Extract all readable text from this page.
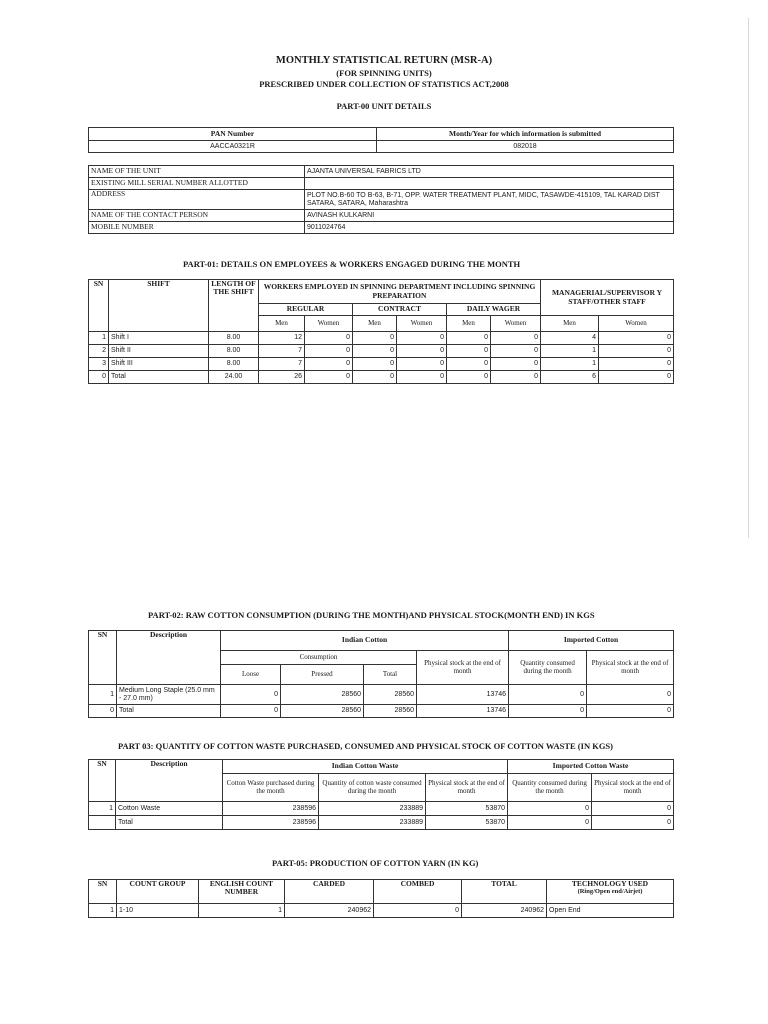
MONTHLY STATISTICAL RETURN (MSR-A)
(FOR SPINNING UNITS)
PRESCRIBED UNDER COLLECTION OF STATISTICS ACT,2008
PART-00 UNIT DETAILS
PAN Number	Month/Year for which information is submitted
AACCA0321R	082018
NAME OF THE UNIT	AJANTA UNIVERSAL FABRICS LTD
EXISTING MILL SERIAL NUMBER ALLOTTED	
ADDRESS	PLOT NO.B-60 TO B-63, B-71, OPP. WATER TREATMENT PLANT, MIDC, TASAWDE-415109, TAL KARAD DIST SATARA, SATARA, Maharashtra
NAME OF THE CONTACT PERSON	AVINASH KULKARNI
MOBILE NUMBER	9011024764
PART-01: DETAILS ON EMPLOYEES & WORKERS ENGAGED DURING THE MONTH
SN	SHIFT	LENGTH OF THE SHIFT	WORKERS EMPLOYED IN SPINNING DEPARTMENT INCLUDING SPINNING PREPARATION						MANAGERIAL/SUPERVISOR Y STAFF/OTHER STAFF	
			REGULAR		CONTRACT		DAILY WAGER			
			Men	Women	Men	Women	Men	Women	Men	Women
1	Shift I	8.00	12	0	0	0	0	0	4	0
2	Shift II	8.00	7	0	0	0	0	0	1	0
3	Shift III	8.00	7	0	0	0	0	0	1	0
0	Total	24.00	26	0	0	0	0	0	6	0
PART-02: RAW COTTON CONSUMPTION (DURING THE MONTH)AND PHYSICAL STOCK(MONTH END) IN KGS
SN	Description	Indian Cotton				Imported Cotton	
		Consumption			Physical stock at the end of month	Quantity consumed during the month	Physical stock at the end of month
		Loose	Pressed	Total			
1	Medium Long Staple (25.0 mm - 27.0 mm)	0	28560	28560	13746	0	0
0	Total	0	28560	28560	13746	0	0
PART 03: QUANTITY OF COTTON WASTE PURCHASED, CONSUMED AND PHYSICAL STOCK OF COTTON WASTE (IN KGS)
SN	Description	Indian Cotton Waste			Imported Cotton Waste	
		Cotton Waste purchased during the month	Quantity of cotton waste consumed during the month	Physical stock at the end of month	Quantity consumed during the month	Physical stock at the end of month
1	Cotton Waste	238596	233889	53870	0	0
	Total	238596	233889	53870	0	0
PART-05: PRODUCTION OF COTTON YARN (IN KG)
SN	COUNT GROUP	ENGLISH COUNT NUMBER	CARDED	COMBED	TOTAL	TECHNOLOGY USED
(Ring/Open end/Airjet)

1	1-10	1	240962	0	240962	Open End
